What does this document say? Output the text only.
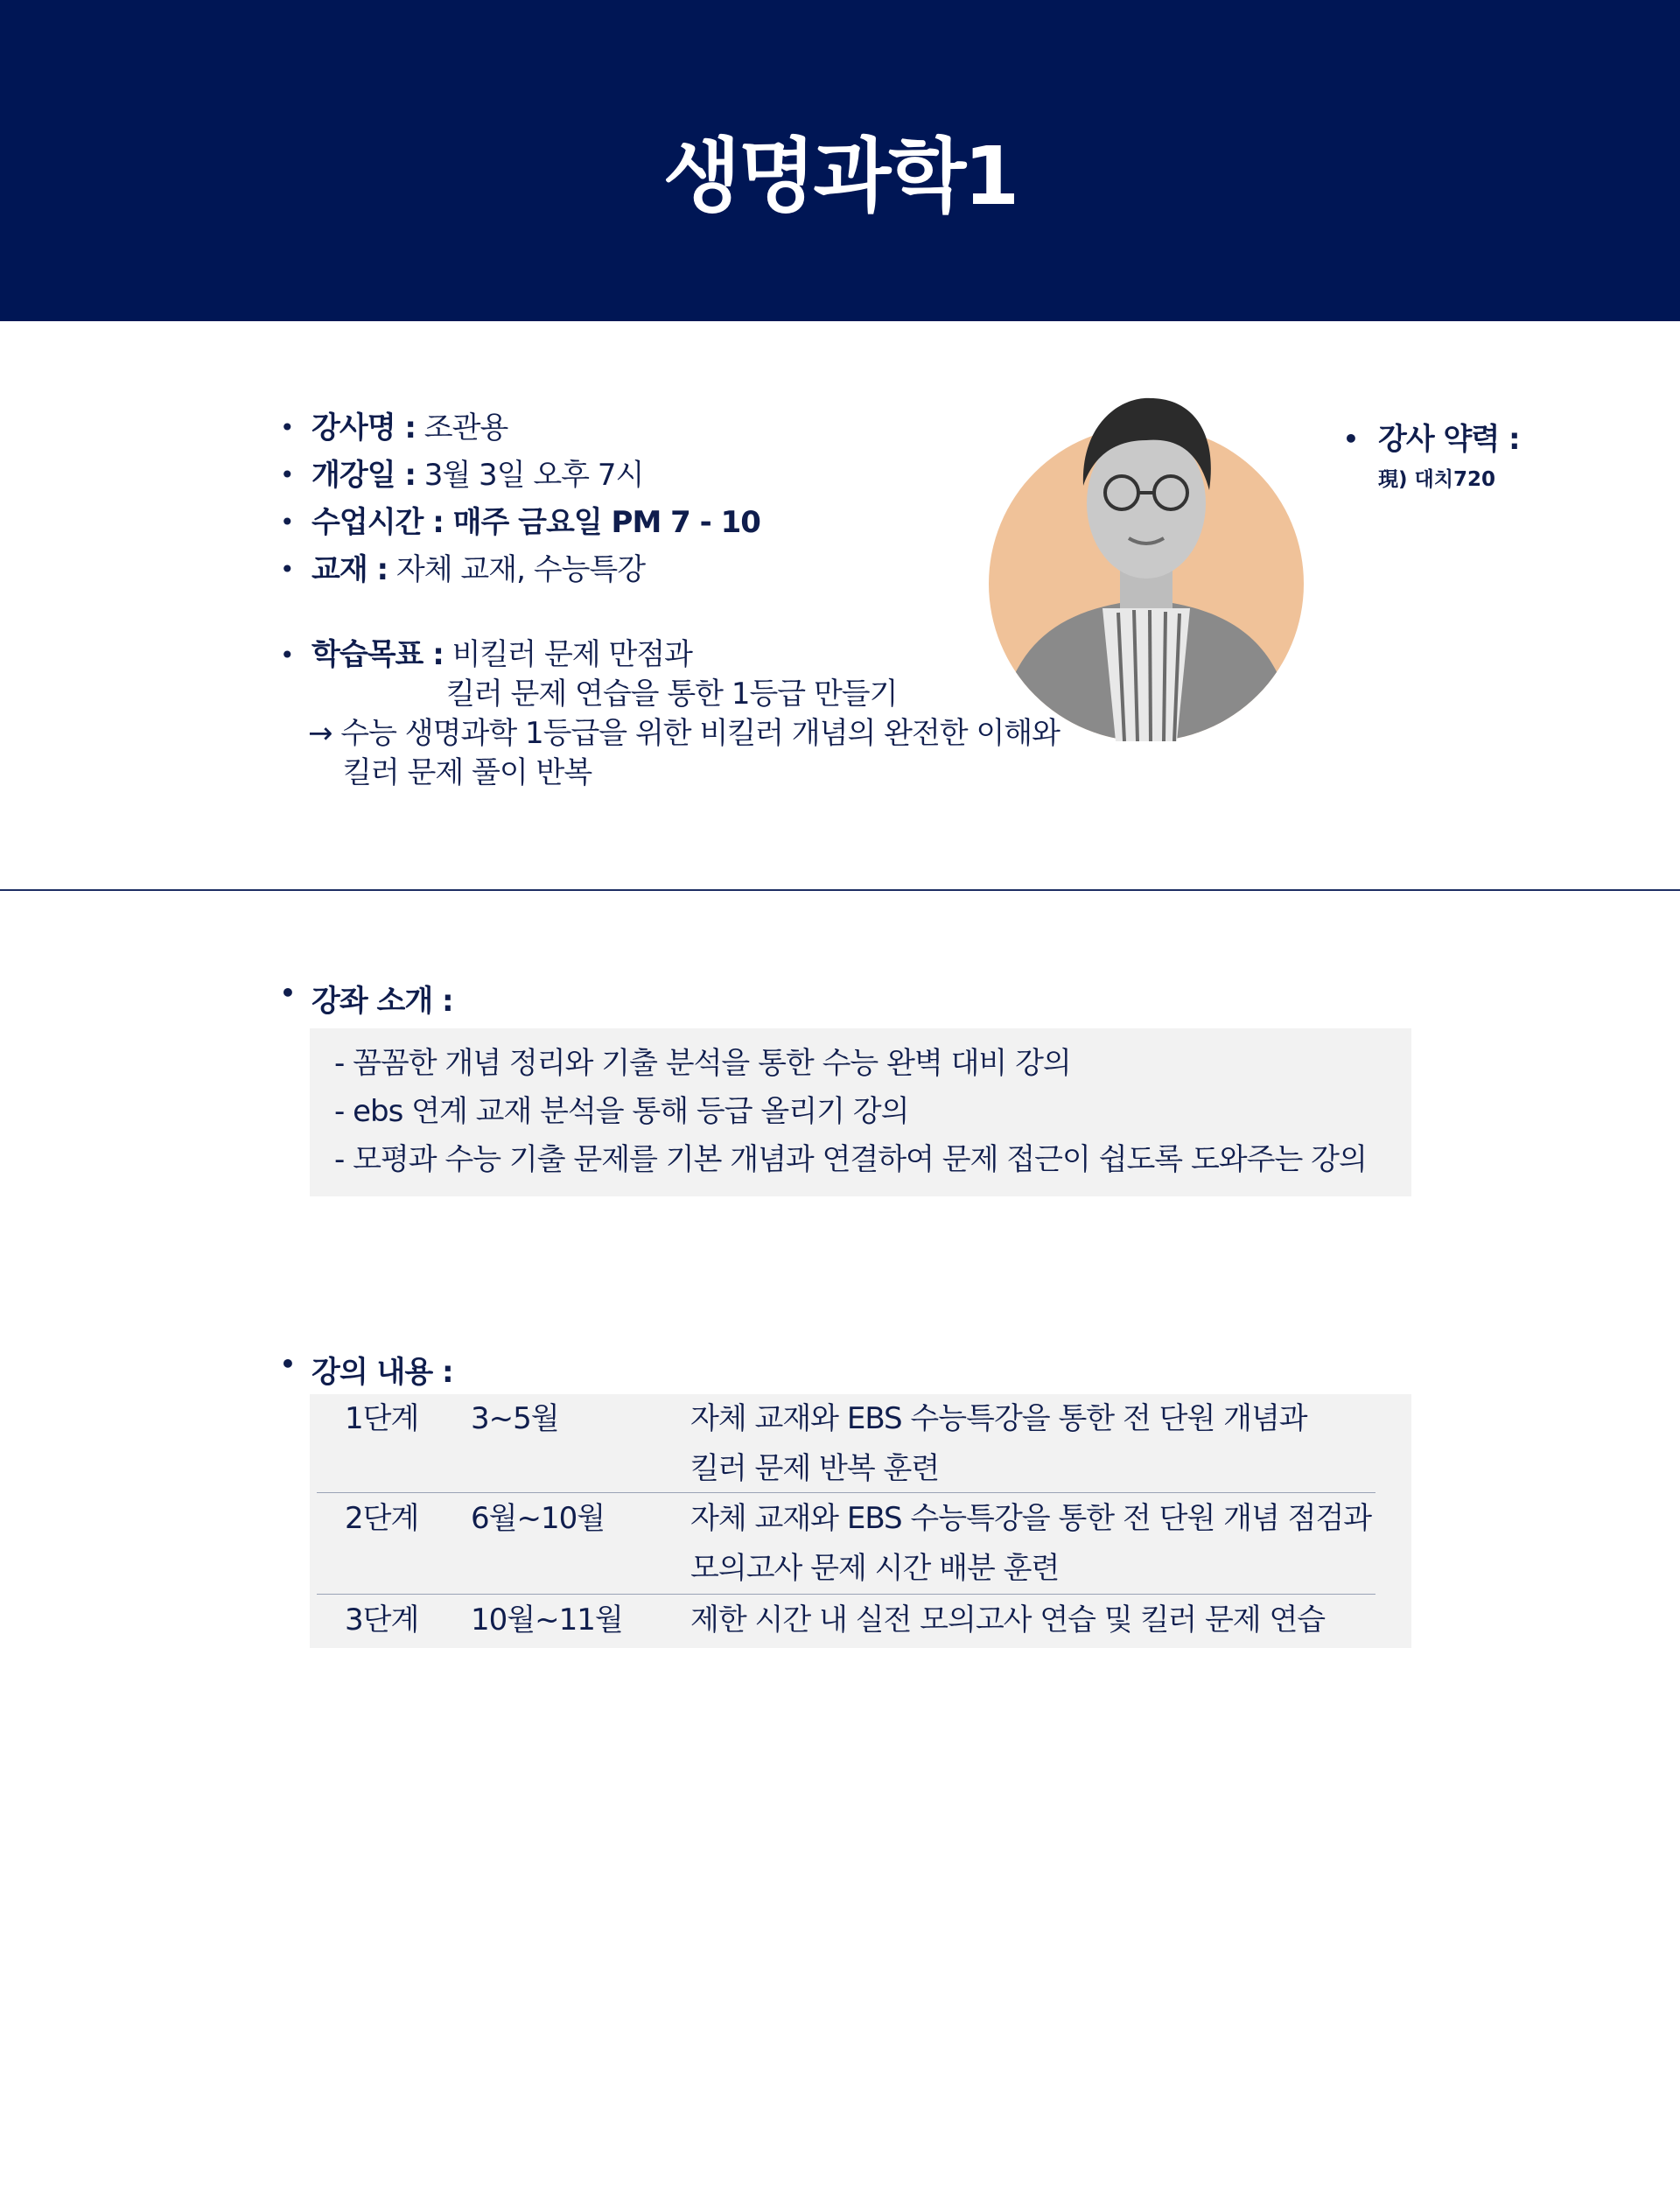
생명과학1
• 강사명 : 조관용
• 개강일 : 3월 3일 오후 7시
• 수업시간 : 매주 금요일 PM 7 - 10
• 교재 : 자체 교재, 수능특강
• 학습목표 : 비킬러 문제 만점과
킬러 문제 연습을 통한 1등급 만들기
→ 수능 생명과학 1등급을 위한 비킬러 개념의 완전한 이해와
킬러 문제 풀이 반복
• 강사 약력 :
現) 대치720
• 강좌 소개 :
- 꼼꼼한 개념 정리와 기출 분석을 통한 수능 완벽 대비 강의
- ebs 연계 교재 분석을 통해 등급 올리기 강의
- 모평과 수능 기출 문제를 기본 개념과 연결하여 문제 접근이 쉽도록 도와주는 강의
• 강의 내용 :
1단계 3~5월	자체 교재와 EBS 수능특강을 통한 전 단원 개념과
킬러 문제 반복 훈련
2단계 6월~10월	자체 교재와 EBS 수능특강을 통한 전 단원 개념 점검과
모의고사 문제 시간 배분 훈련
3단계 10월~11월 제한 시간 내 실전 모의고사 연습 및 킬러 문제 연습
